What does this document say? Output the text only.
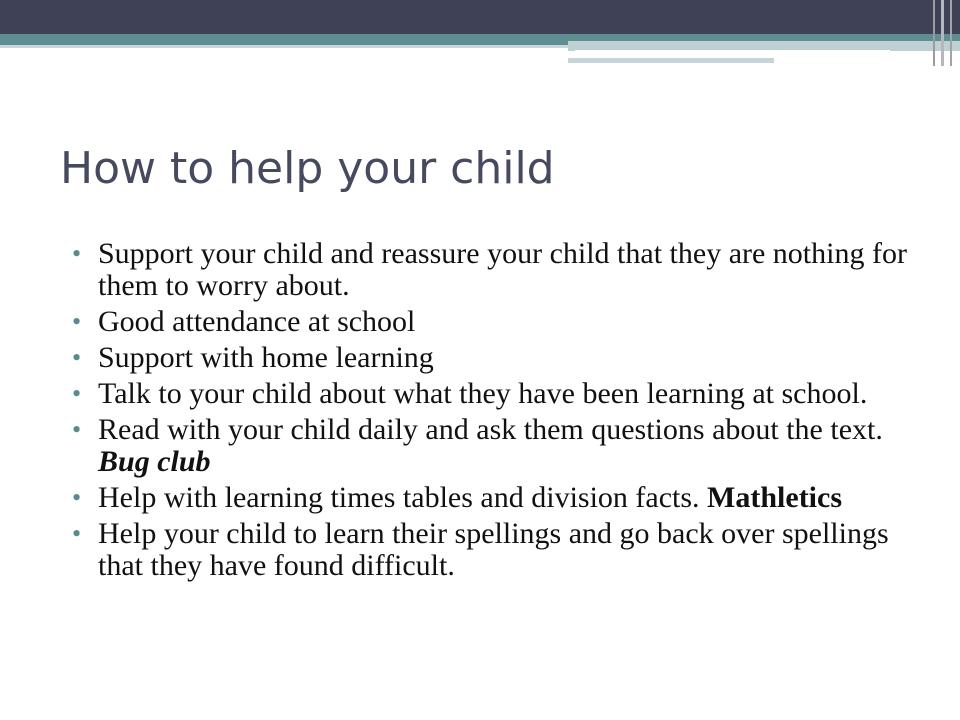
How to help your child
• Support your child and reassure your child that they are nothing for them to worry about.
• Good attendance at school
• Support with home learning
• Talk to your child about what they have been learning at school.
• Read with your child daily and ask them questions about the text. Bug club
• Help with learning times tables and division facts. Mathletics
• Help your child to learn their spellings and go back over spellings that they have found difficult.
